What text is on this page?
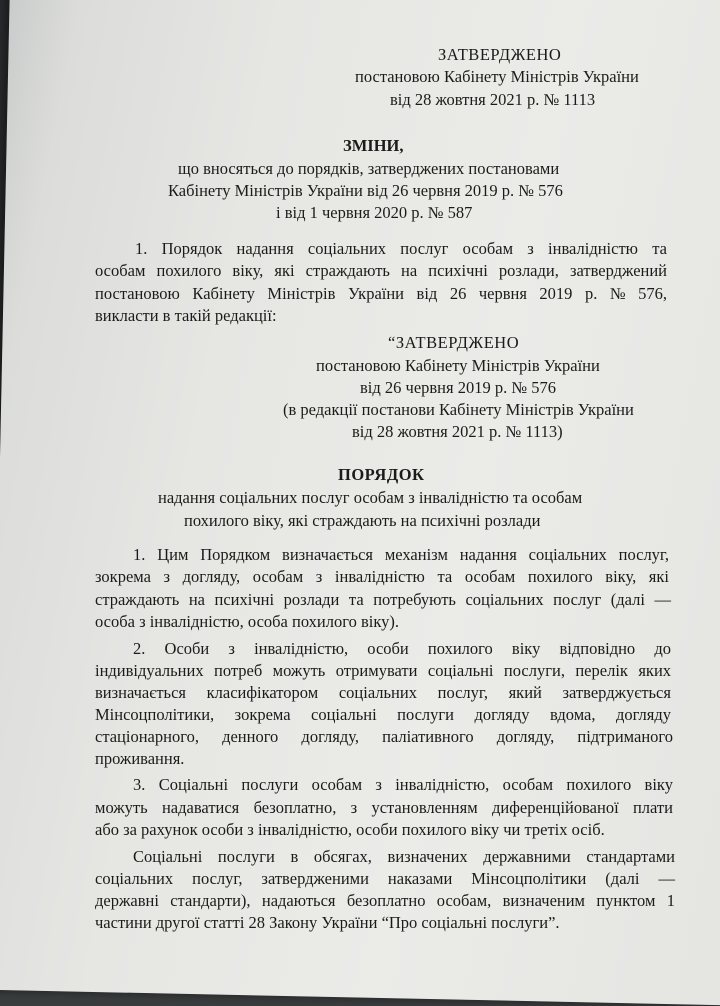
ЗАТВЕРДЖЕНО
постановою Кабінету Міністрів України
від 28 жовтня 2021 р. № 1113
ЗМІНИ,
що вносяться до порядків, затверджених постановами
Кабінету Міністрів України від 26 червня 2019 р. № 576
і від 1 червня 2020 р. № 587
1. Порядок надання соціальних послуг особам з інвалідністю та
особам похилого віку, які страждають на психічні розлади, затверджений
постановою Кабінету Міністрів України від 26 червня 2019 р. № 576,
викласти в такій редакції:
“ЗАТВЕРДЖЕНО
постановою Кабінету Міністрів України
від 26 червня 2019 р. № 576
(в редакції постанови Кабінету Міністрів України
від 28 жовтня 2021 р. № 1113)
ПОРЯДОК
надання соціальних послуг особам з інвалідністю та особам
похилого віку, які страждають на психічні розлади
1. Цим Порядком визначається механізм надання соціальних послуг,
зокрема з догляду, особам з інвалідністю та особам похилого віку, які
страждають на психічні розлади та потребують соціальних послуг (далі —
особа з інвалідністю, особа похилого віку).
2. Особи з інвалідністю, особи похилого віку відповідно до
індивідуальних потреб можуть отримувати соціальні послуги, перелік яких
визначається класифікатором соціальних послуг, який затверджується
Мінсоцполітики, зокрема соціальні послуги догляду вдома, догляду
стаціонарного, денного догляду, паліативного догляду, підтриманого
проживання.
3. Соціальні послуги особам з інвалідністю, особам похилого віку
можуть надаватися безоплатно, з установленням диференційованої плати
або за рахунок особи з інвалідністю, особи похилого віку чи третіх осіб.
Соціальні послуги в обсягах, визначених державними стандартами
соціальних послуг, затвердженими наказами Мінсоцполітики (далі —
державні стандарти), надаються безоплатно особам, визначеним пунктом 1
частини другої статті 28 Закону України “Про соціальні послуги”.
